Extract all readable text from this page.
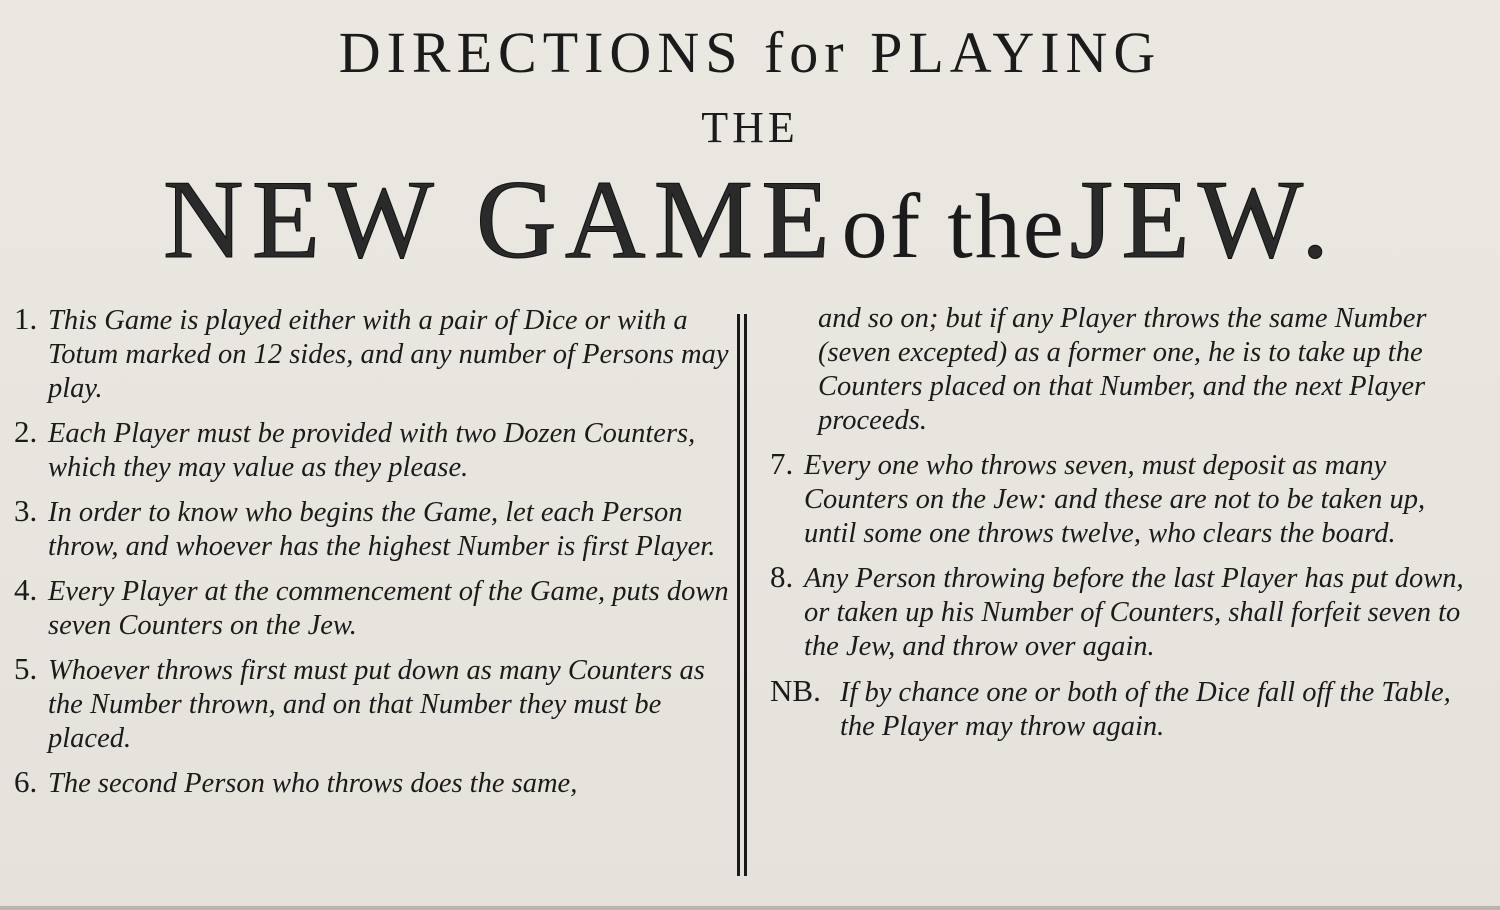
DIRECTIONS for PLAYING
THE
NEW GAME of the JEW.
1. This Game is played either with a pair of Dice or with a Totum marked on 12 sides, and any number of Persons may play.
2. Each Player must be provided with two Dozen Counters, which they may value as they please.
3. In order to know who begins the Game, let each Person throw, and whoever has the highest Number is first Player.
4. Every Player at the commencement of the Game, puts down seven Counters on the Jew.
5. Whoever throws first must put down as many Counters as the Number thrown, and on that Number they must be placed.
6. The second Person who throws does the same,
and so on; but if any Player throws the same Number (seven excepted) as a former one, he is to take up the Counters placed on that Number, and the next Player proceeds.
7. Every one who throws seven, must deposit as many Counters on the Jew: and these are not to be taken up, until some one throws twelve, who clears the board.
8. Any Person throwing before the last Player has put down, or taken up his Number of Counters, shall forfeit seven to the Jew, and throw over again.
NB. If by chance one or both of the Dice fall off the Table, the Player may throw again.
